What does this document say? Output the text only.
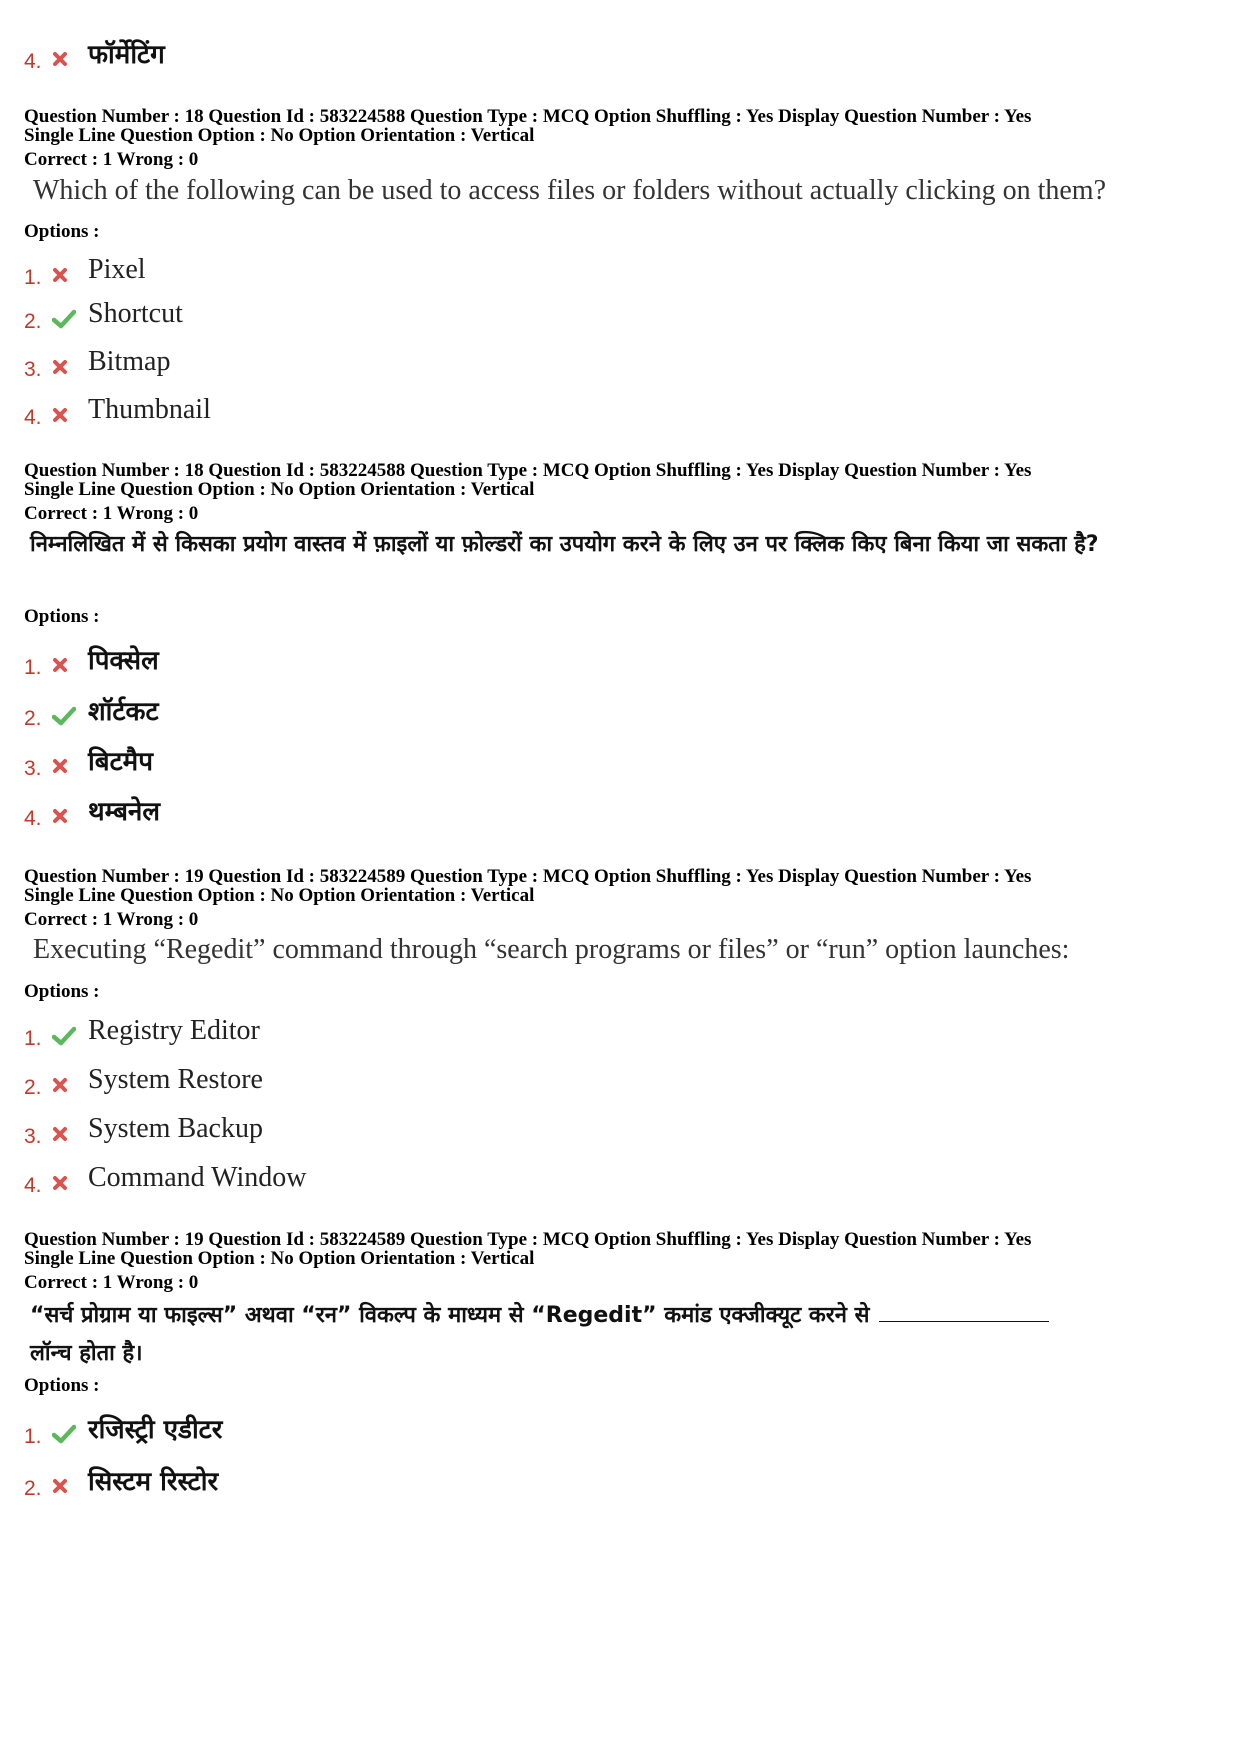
4.	फॉर्मेटिंग
Question Number : 18 Question Id : 583224588 Question Type : MCQ Option Shuffling : Yes Display Question Number : Yes
Single Line Question Option : No Option Orientation : Vertical
Correct : 1 Wrong : 0
Which of the following can be used to access files or folders without actually clicking on them?
Options :
1.	Pixel
2.	Shortcut
3.	Bitmap
4.	Thumbnail
Question Number : 18 Question Id : 583224588 Question Type : MCQ Option Shuffling : Yes Display Question Number : Yes
Single Line Question Option : No Option Orientation : Vertical
Correct : 1 Wrong : 0
निम्नलिखित में से किसका प्रयोग वास्तव में फ़ाइलों या फ़ोल्डरों का उपयोग करने के लिए उन पर क्लिक किए बिना किया जा सकता है?
Options :
1.	पिक्सेल
2.	शॉर्टकट
3.	बिटमैप
4.	थम्बनेल
Question Number : 19 Question Id : 583224589 Question Type : MCQ Option Shuffling : Yes Display Question Number : Yes
Single Line Question Option : No Option Orientation : Vertical
Correct : 1 Wrong : 0
Executing “Regedit” command through “search programs or files” or “run” option launches:
Options :
1.	Registry Editor
2.	System Restore
3.	System Backup
4.	Command Window
Question Number : 19 Question Id : 583224589 Question Type : MCQ Option Shuffling : Yes Display Question Number : Yes
Single Line Question Option : No Option Orientation : Vertical
Correct : 1 Wrong : 0
“सर्च प्रोग्राम या फाइल्स” अथवा “रन” विकल्प के माध्यम से “Regedit” कमांड एक्जीक्यूट करने से
लॉन्च होता है।
Options :
1.	रजिस्ट्री एडीटर
2.	सिस्टम रिस्टोर
